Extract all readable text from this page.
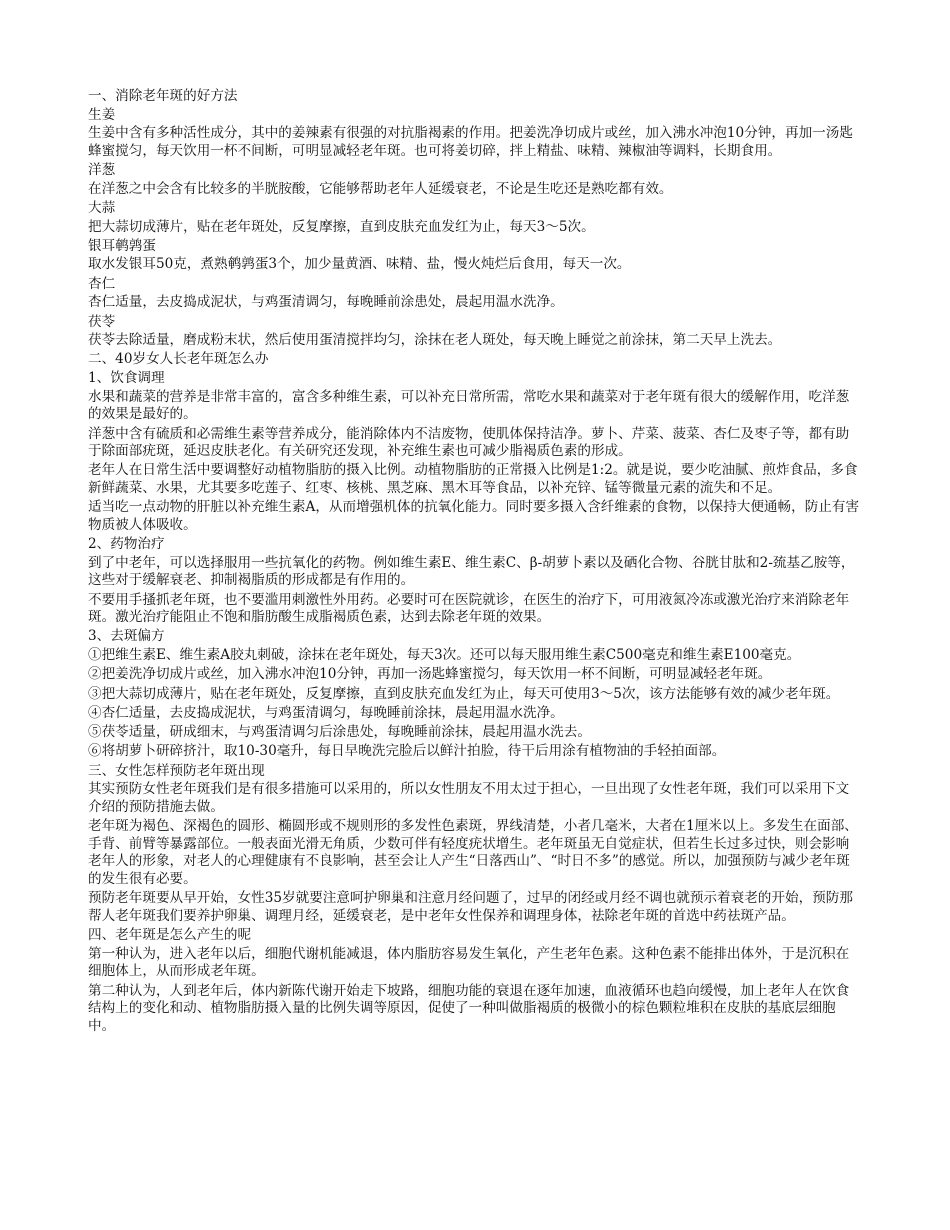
一、消除老年斑的好方法
生姜
生姜中含有多种活性成分，其中的姜辣素有很强的对抗脂褐素的作用。把姜洗净切成片或丝，加入沸水冲泡10分钟，再加一汤匙蜂蜜搅匀，每天饮用一杯不间断，可明显减轻老年斑。也可将姜切碎，拌上精盐、味精、辣椒油等调料，长期食用。
洋葱
在洋葱之中会含有比较多的半胱胺酸，它能够帮助老年人延缓衰老，不论是生吃还是熟吃都有效。
大蒜
把大蒜切成薄片，贴在老年斑处，反复摩擦，直到皮肤充血发红为止，每天3～5次。
银耳鹌鹑蛋
取水发银耳50克，煮熟鹌鹑蛋3个，加少量黄酒、味精、盐，慢火炖烂后食用，每天一次。
杏仁
杏仁适量，去皮捣成泥状，与鸡蛋清调匀，每晚睡前涂患处，晨起用温水洗净。
茯苓
茯苓去除适量，磨成粉末状，然后使用蛋清搅拌均匀，涂抹在老人斑处，每天晚上睡觉之前涂抹，第二天早上洗去。
二、40岁女人长老年斑怎么办
1、饮食调理
水果和蔬菜的营养是非常丰富的，富含多种维生素，可以补充日常所需，常吃水果和蔬菜对于老年斑有很大的缓解作用，吃洋葱的效果是最好的。
洋葱中含有硫质和必需维生素等营养成分，能消除体内不洁废物，使肌体保持洁净。萝卜、芹菜、菠菜、杏仁及枣子等，都有助于除面部疣斑，延迟皮肤老化。有关研究还发现，补充维生素也可减少脂褐质色素的形成。
老年人在日常生活中要调整好动植物脂肪的摄入比例。动植物脂肪的正常摄入比例是1:2。就是说，要少吃油腻、煎炸食品，多食新鲜蔬菜、水果，尤其要多吃莲子、红枣、核桃、黑芝麻、黑木耳等食品，以补充锌、锰等微量元素的流失和不足。
适当吃一点动物的肝脏以补充维生素A，从而增强机体的抗氧化能力。同时要多摄入含纤维素的食物，以保持大便通畅，防止有害物质被人体吸收。
2、药物治疗
到了中老年，可以选择服用一些抗氧化的药物。例如维生素E、维生素C、β-胡萝卜素以及硒化合物、谷胱甘肽和2-巯基乙胺等，这些对于缓解衰老、抑制褐脂质的形成都是有作用的。
不要用手搔抓老年斑，也不要滥用刺激性外用药。必要时可在医院就诊，在医生的治疗下，可用液氮冷冻或激光治疗来消除老年斑。激光治疗能阻止不饱和脂肪酸生成脂褐质色素，达到去除老年斑的效果。
3、去斑偏方
①把维生素E、维生素A胶丸刺破，涂抹在老年斑处，每天3次。还可以每天服用维生素C500毫克和维生素E100毫克。
②把姜洗净切成片或丝，加入沸水冲泡10分钟，再加一汤匙蜂蜜搅匀，每天饮用一杯不间断，可明显减轻老年斑。
③把大蒜切成薄片，贴在老年斑处，反复摩擦，直到皮肤充血发红为止，每天可使用3～5次，该方法能够有效的减少老年斑。
④杏仁适量，去皮捣成泥状，与鸡蛋清调匀，每晚睡前涂抹，晨起用温水洗净。
⑤茯苓适量，研成细末，与鸡蛋清调匀后涂患处，每晚睡前涂抹，晨起用温水洗去。
⑥将胡萝卜研碎挤汁，取10-30毫升，每日早晚洗完脸后以鲜汁拍脸，待干后用涂有植物油的手轻拍面部。
三、女性怎样预防老年斑出现
其实预防女性老年斑我们是有很多措施可以采用的，所以女性朋友不用太过于担心，一旦出现了女性老年斑，我们可以采用下文介绍的预防措施去做。
老年斑为褐色、深褐色的圆形、椭圆形或不规则形的多发性色素斑，界线清楚，小者几毫米，大者在1厘米以上。多发生在面部、手背、前臂等暴露部位。一般表面光滑无角质，少数可伴有轻度疣状增生。老年斑虽无自觉症状，但若生长过多过快，则会影响老年人的形象，对老人的心理健康有不良影响，甚至会让人产生“日落西山”、“时日不多”的感觉。所以，加强预防与减少老年斑的发生很有必要。
预防老年斑要从早开始，女性35岁就要注意呵护卵巢和注意月经问题了，过早的闭经或月经不调也就预示着衰老的开始，预防那帮人老年斑我们要养护卵巢、调理月经，延缓衰老，是中老年女性保养和调理身体，祛除老年斑的首选中药祛斑产品。
四、老年斑是怎么产生的呢
第一种认为，进入老年以后，细胞代谢机能减退，体内脂肪容易发生氧化，产生老年色素。这种色素不能排出体外，于是沉积在细胞体上，从而形成老年斑。
第二种认为，人到老年后，体内新陈代谢开始走下坡路，细胞功能的衰退在逐年加速，血液循环也趋向缓慢，加上老年人在饮食结构上的变化和动、植物脂肪摄入量的比例失调等原因，促使了一种叫做脂褐质的极微小的棕色颗粒堆积在皮肤的基底层细胞中。
